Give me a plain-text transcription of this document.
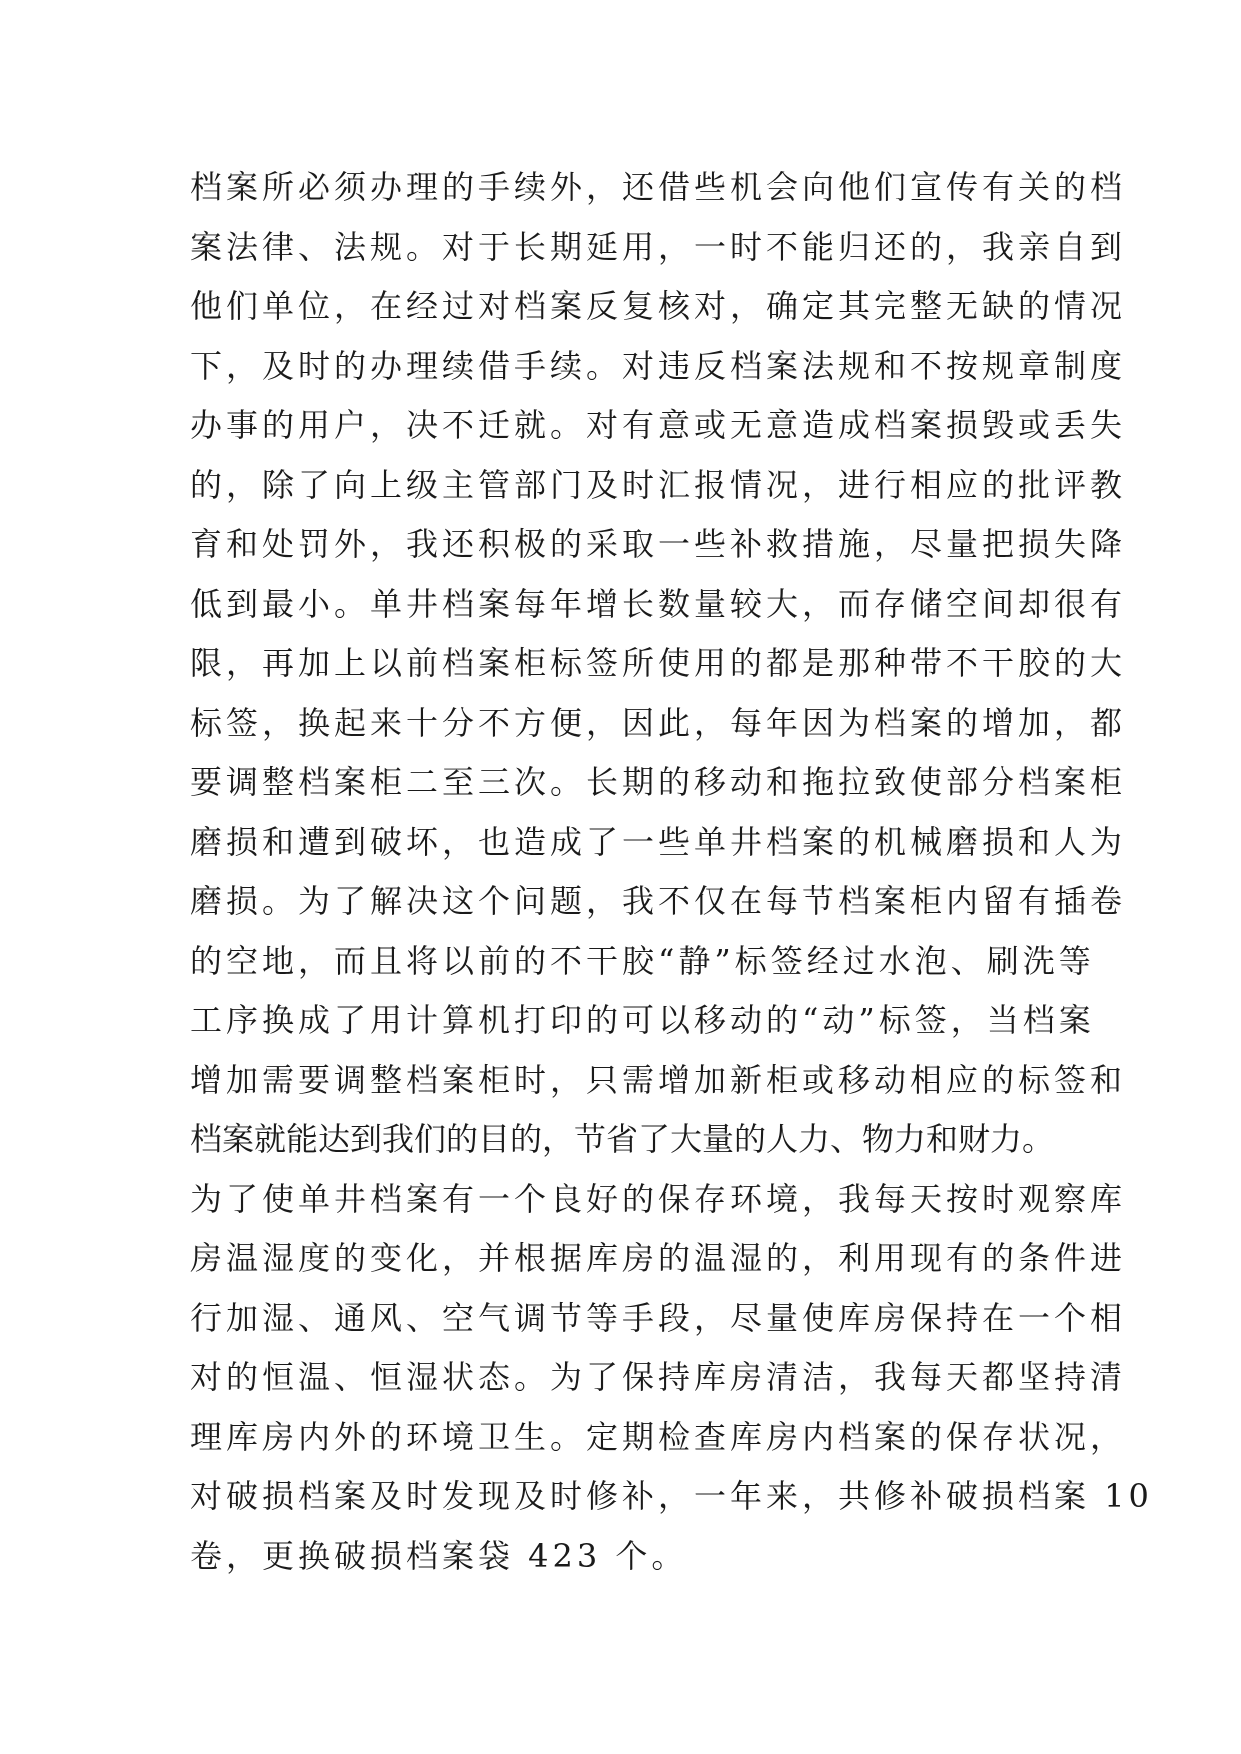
档案所必须办理的手续外，还借些机会向他们宣传有关的档
案法律、法规。对于长期延用，一时不能归还的，我亲自到
他们单位，在经过对档案反复核对，确定其完整无缺的情况
下，及时的办理续借手续。对违反档案法规和不按规章制度
办事的用户，决不迁就。对有意或无意造成档案损毁或丢失
的，除了向上级主管部门及时汇报情况，进行相应的批评教
育和处罚外，我还积极的采取一些补救措施，尽量把损失降
低到最小。单井档案每年增长数量较大，而存储空间却很有
限，再加上以前档案柜标签所使用的都是那种带不干胶的大
标签，换起来十分不方便，因此，每年因为档案的增加，都
要调整档案柜二至三次。长期的移动和拖拉致使部分档案柜
磨损和遭到破坏，也造成了一些单井档案的机械磨损和人为
磨损。为了解决这个问题，我不仅在每节档案柜内留有插卷
的空地，而且将以前的不干胶“静”标签经过水泡、刷洗等
工序换成了用计算机打印的可以移动的“动”标签，当档案
增加需要调整档案柜时，只需增加新柜或移动相应的标签和
档案就能达到我们的目的，节省了大量的人力、物力和财力。
为了使单井档案有一个良好的保存环境，我每天按时观察库
房温湿度的变化，并根据库房的温湿的，利用现有的条件进
行加湿、通风、空气调节等手段，尽量使库房保持在一个相
对的恒温、恒湿状态。为了保持库房清洁，我每天都坚持清
理库房内外的环境卫生。定期检查库房内档案的保存状况，
对破损档案及时发现及时修补，一年来，共修补破损档案 10
卷，更换破损档案袋 423 个。
